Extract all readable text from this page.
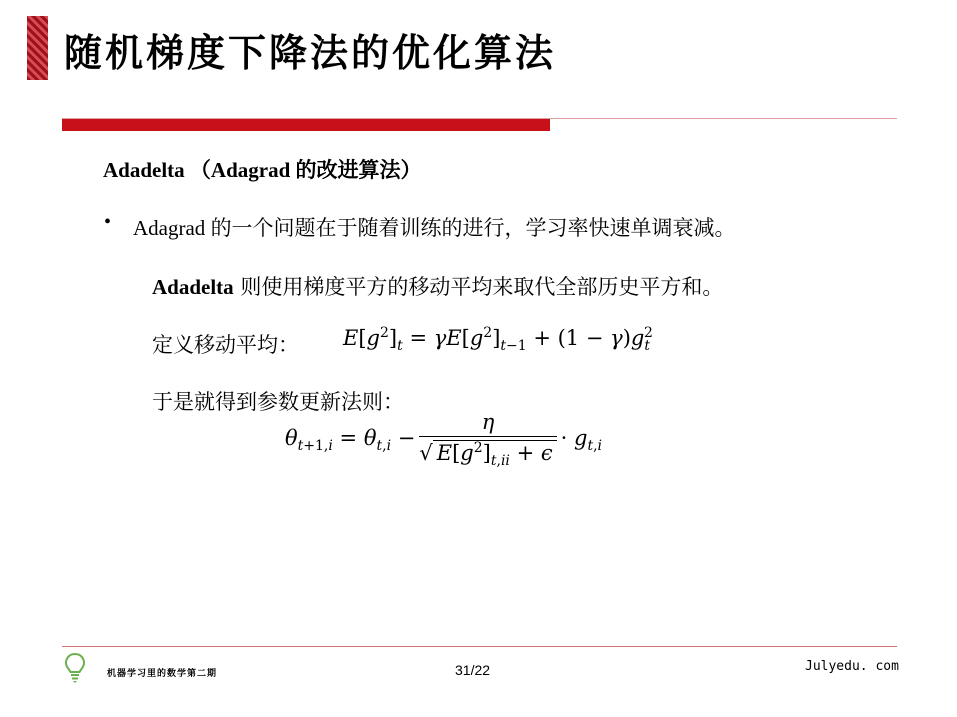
随机梯度下降法的优化算法
Adadelta （Adagrad 的改进算法）
• Adagrad 的一个问题在于随着训练的进行，学习率快速单调衰减。
Adadelta 则使用梯度平方的移动平均来取代全部历史平方和。
定义移动平均： $E[g^2]_t = \gamma E[g^2]_{t-1} + (1 - \gamma)g_t^2$
于是就得到参数更新法则：
$\theta_{t+1,i} = \theta_{t,i} - \frac{\eta}{√ E[g^2]_{t,ii} + \epsilon} \cdot g_{t,i}$
机器学习里的数学第二期	31/22	Julyedu. com
